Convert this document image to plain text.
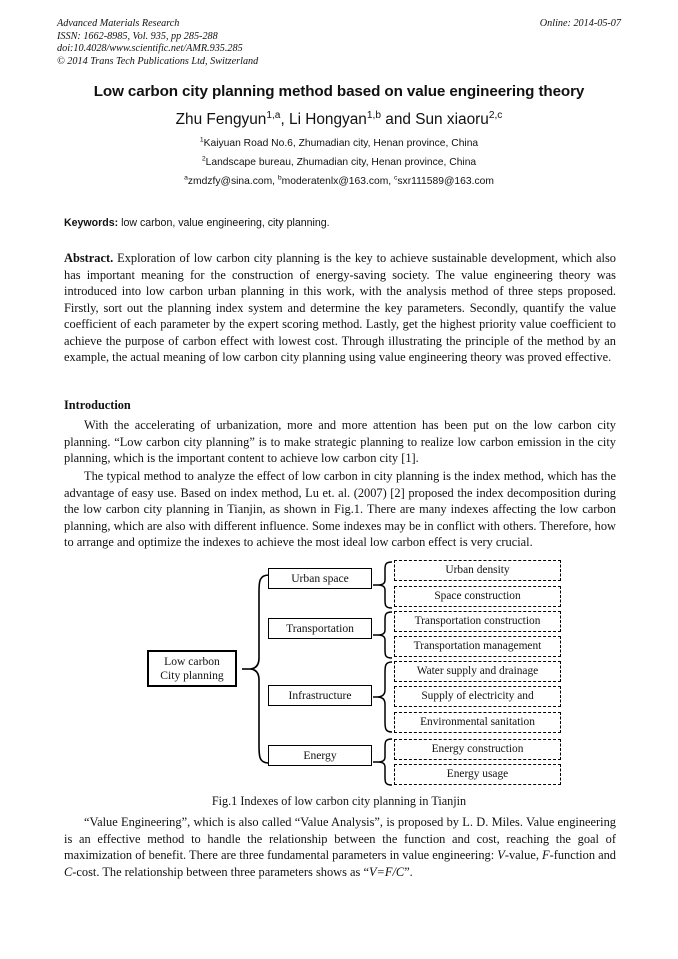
Advanced Materials Research
ISSN: 1662-8985, Vol. 935, pp 285-288
doi:10.4028/www.scientific.net/AMR.935.285
© 2014 Trans Tech Publications Ltd, Switzerland
Online: 2014-05-07
Low carbon city planning method based on value engineering theory
Zhu Fengyun$^{1,a}$, Li Hongyan$^{1,b}$ and Sun xiaoru$^{2,c}$
$^1$Kaiyuan Road No.6, Zhumadian city, Henan province, China
$^2$Landscape bureau, Zhumadian city, Henan province, China
$^a$zmdzfy@sina.com, $^b$moderatenlx@163.com, $^c$sxr111589@163.com
Keywords: low carbon, value engineering, city planning.
Abstract. Exploration of low carbon city planning is the key to achieve sustainable development, which also has important meaning for the construction of energy-saving society. The value engineering theory was introduced into low carbon urban planning in this work, with the analysis method of three steps proposed. Firstly, sort out the planning index system and determine the key parameters. Secondly, quantify the value coefficient of each parameter by the expert scoring method. Lastly, get the highest priority value coefficient to achieve the purpose of carbon effect with lowest cost. Through illustrating the principle of the method by an example, the actual meaning of low carbon city planning using value engineering theory was proved effective.
Introduction
With the accelerating of urbanization, more and more attention has been put on the low carbon city planning. “Low carbon city planning” is to make strategic planning to realize low carbon emission in the city planning, which is the important content to achieve low carbon city [1].
The typical method to analyze the effect of low carbon in city planning is the index method, which has the advantage of easy use. Based on index method, Lu et. al. (2007) [2] proposed the index decomposition during the low carbon city planning in Tianjin, as shown in Fig.1. There are many indexes affecting the low carbon planning, which are also with different influence. Some indexes may be in conflict with others. Therefore, how to arrange and optimize the indexes to achieve the most ideal low carbon effect is very crucial.
Low carbon
City planning
Urban space
Transportation
Infrastructure
Energy
Urban density
Space construction
Transportation construction
Transportation management
Water supply and drainage
Supply of electricity and
Environmental sanitation
Energy construction
Energy usage
Fig.1 Indexes of low carbon city planning in Tianjin
“Value Engineering”, which is also called “Value Analysis”, is proposed by L. D. Miles. Value engineering is an effective method to handle the relationship between the function and cost, reaching the goal of maximization of benefit. There are three fundamental parameters in value engineering: V-value, F-function and C-cost. The relationship between three parameters shows as “V=F/C”.
